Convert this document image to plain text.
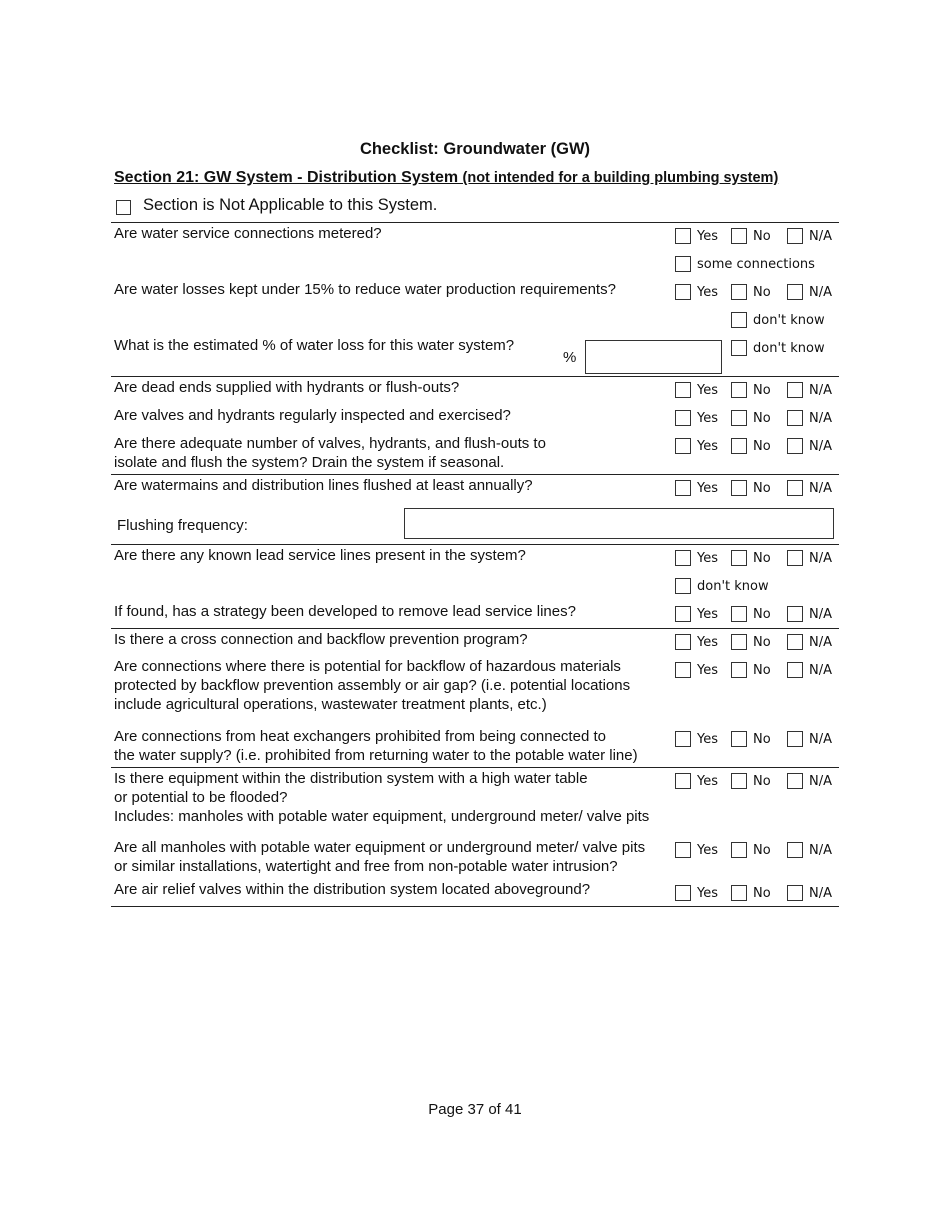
Checklist: Groundwater (GW)
Section 21: GW System - Distribution System (not intended for a building plumbing system)
Section is Not Applicable to this System.
Are water service connections metered?	Yes	No	N/A
some connections
Are water losses kept under 15% to reduce water production requirements?	Yes	No	N/A
don't know
What is the estimated % of water loss for this water system?
%
don't know
Are dead ends supplied with hydrants or flush-outs?	Yes	No	N/A
Are valves and hydrants regularly inspected and exercised?	Yes	No	N/A
Are there adequate number of valves, hydrants, and flush-outs to
isolate and flush the system? Drain the system if seasonal.
Yes	No	N/A
Are watermains and distribution lines flushed at least annually?	Yes	No	N/A
Flushing frequency:
Are there any known lead service lines present in the system?	Yes	No	N/A
don't know
If found, has a strategy been developed to remove lead service lines?	Yes	No	N/A
Is there a cross connection and backflow prevention program?	Yes	No	N/A
Are connections where there is potential for backflow of hazardous materials
protected by backflow prevention assembly or air gap? (i.e. potential locations
include agricultural operations, wastewater treatment plants, etc.)
Yes	No	N/A
Are connections from heat exchangers prohibited from being connected to
the water supply? (i.e. prohibited from returning water to the potable water line)
Yes	No	N/A
Is there equipment within the distribution system with a high water table
or potential to be flooded?
Includes: manholes with potable water equipment, underground meter/ valve pits
Yes	No	N/A
Are all manholes with potable water equipment or underground meter/ valve pits
or similar installations, watertight and free from non-potable water intrusion?
Yes	No	N/A
Are air relief valves within the distribution system located aboveground?	Yes	No	N/A
Page 37 of 41
